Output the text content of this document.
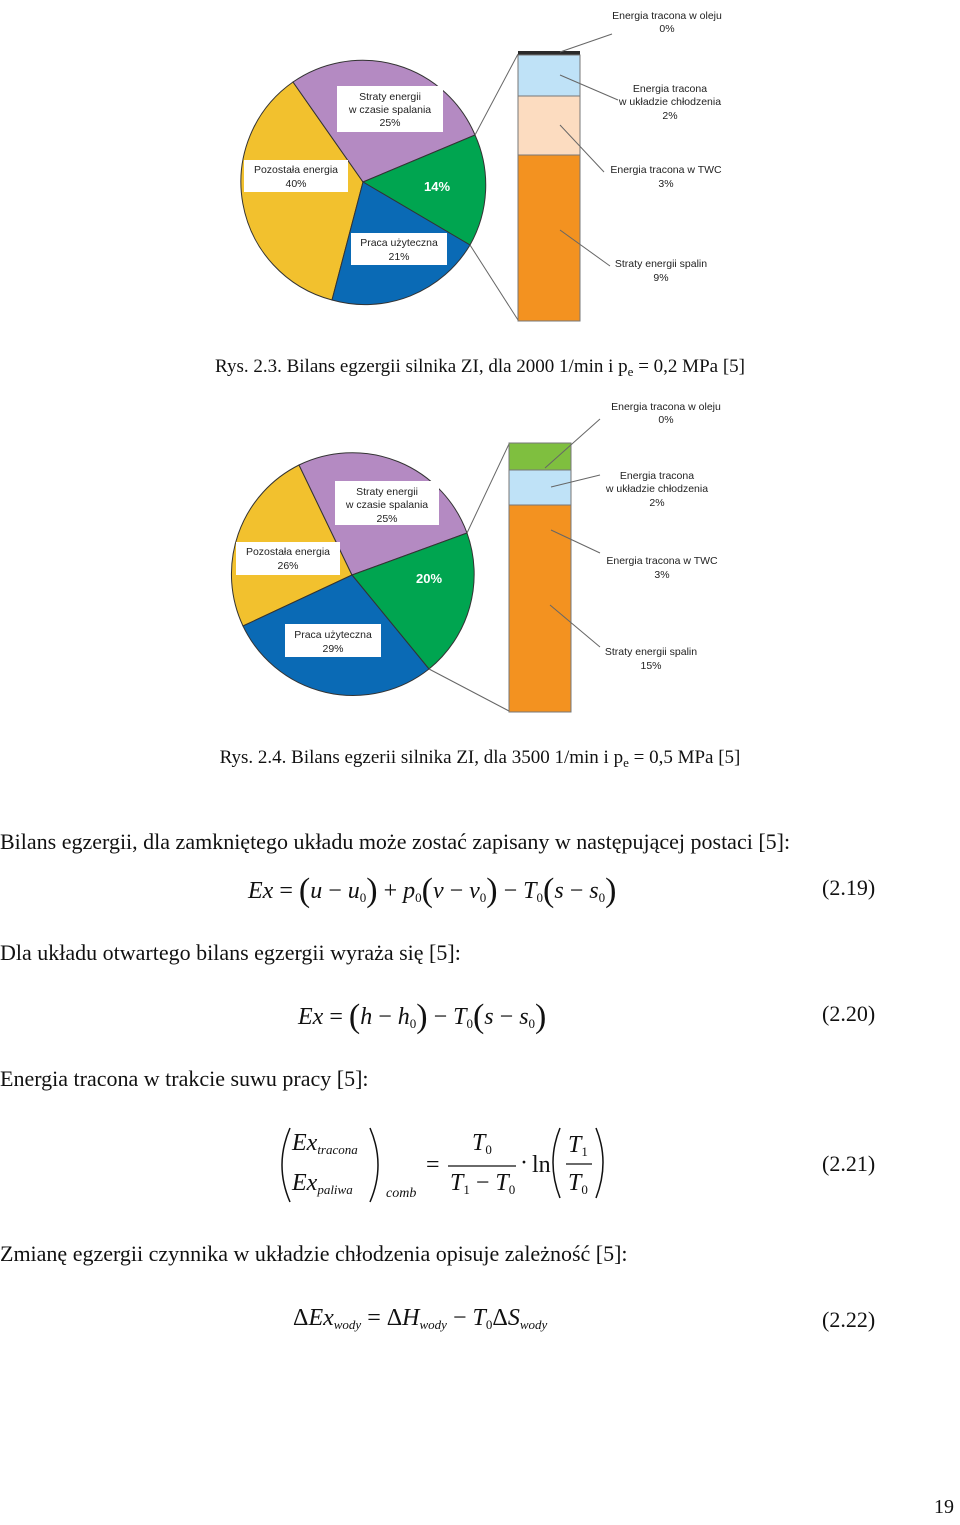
Straty energii
w czasie spalania
25%
Pozostała energia
40%	14%
Praca użyteczna
21%
Energia tracona w oleju
0%
Energia tracona
w układzie chłodzenia
2%
Energia tracona w TWC
3%
Straty energii spalin
9%
Rys. 2.3. Bilans egzergii silnika ZI, dla 2000 1/min i $p_e = 0,2$ MPa [5]
Straty energii
w czasie spalania
25%
Pozostała energia
26%
20%
Praca użyteczna
29%
Energia tracona w oleju
0%
Energia tracona
w układzie chłodzenia
2%
Energia tracona w TWC
3%
Straty energii spalin
15%
Rys. 2.4. Bilans egzerii silnika ZI, dla 3500 1/min i $p_e = 0,5$ MPa [5]
Bilans egzergii, dla zamkniętego układu może zostać zapisany w następującej postaci [5]:
$Ex = (u - u_0) + p_0(\nu - \nu_0) - T_0(s - s_0)$	(2.19)
Dla układu otwartego bilans egzergii wyraża się [5]:
$Ex = (h - h_0) - T_0(s - s_0)$	(2.20)
Energia tracona w trakcie suwu pracy [5]:
$Ex_{tracona}$
$Ex_{paliwa}$ comb
=
$T_0$
$T_1 - T_0$
· ln
$T_1$
$T_0$
(2.21)
Zmianę egzergii czynnika w układzie chłodzenia opisuje zależność [5]:
$\Delta Ex_{wody} = \Delta H_{wody} - T_0\Delta S_{wody}$	(2.22)
19
